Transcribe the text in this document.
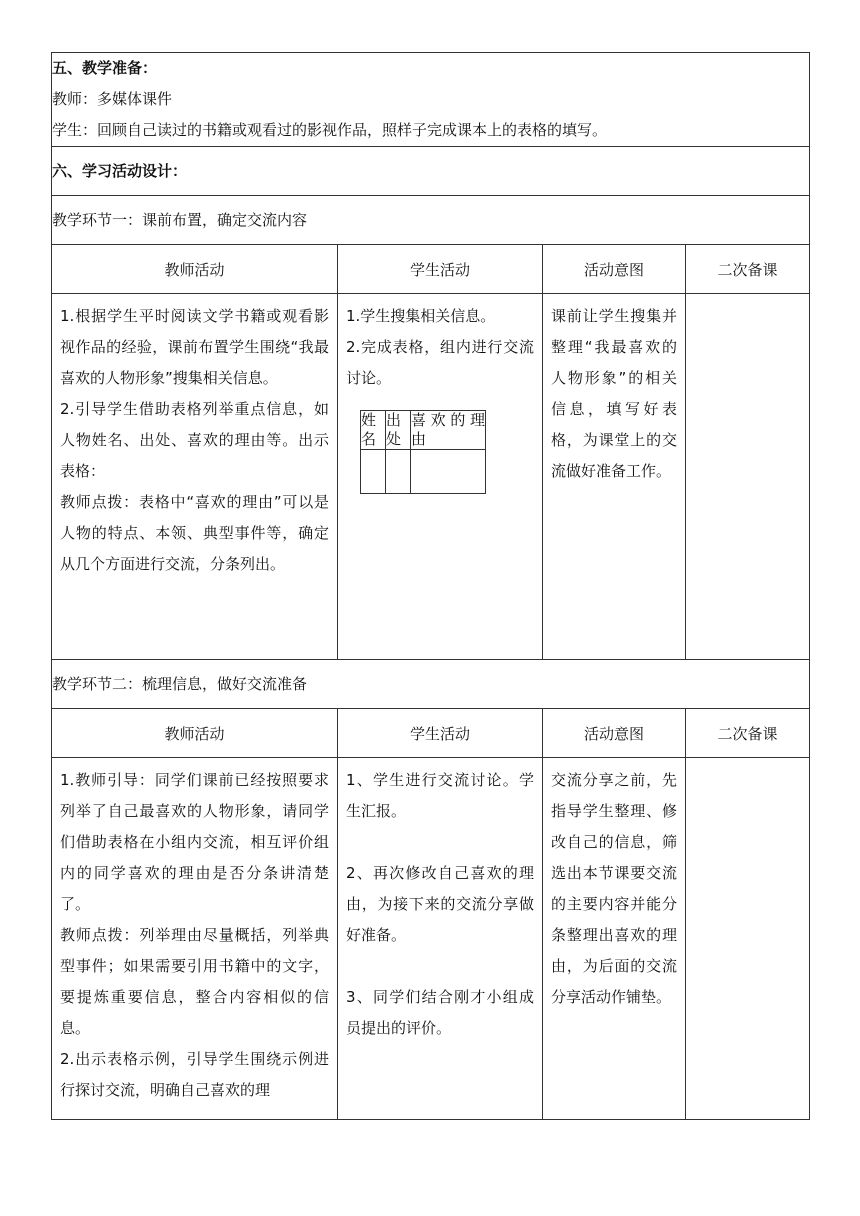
五、教学准备：
教师：多媒体课件
学生：回顾自己读过的书籍或观看过的影视作品，照样子完成课本上的表格的填写。

六、学习活动设计：
教学环节一：课前布置，确定交流内容
教师活动	学生活动	活动意图	二次备课

1.根据学生平时阅读文学书籍或观看影视作品的经验，课前布置学生围绕“我最喜欢的人物形象”搜集相关信息。
2.引导学生借助表格列举重点信息，如人物姓名、出处、喜欢的理由等。出示表格：
教师点拨：表格中“喜欢的理由”可以是人物的特点、本领、典型事件等，确定从几个方面进行交流，分条列出。

1.学生搜集相关信息。
2.完成表格，组内进行交流讨论。
姓名	出处	喜欢的理由

课前让学生搜集并整理“我最喜欢的人物形象”的相关信息，填写好表格，为课堂上的交流做好准备工作。

教学环节二：梳理信息，做好交流准备
教师活动	学生活动	活动意图	二次备课

1.教师引导：同学们课前已经按照要求列举了自己最喜欢的人物形象，请同学们借助表格在小组内交流，相互评价组内的同学喜欢的理由是否分条讲清楚了。
教师点拨：列举理由尽量概括，列举典型事件；如果需要引用书籍中的文字，要提炼重要信息，整合内容相似的信息。
2.出示表格示例，引导学生围绕示例进行探讨交流，明确自己喜欢的理

1、学生进行交流讨论。学生汇报。
2、再次修改自己喜欢的理由，为接下来的交流分享做好准备。
3、同学们结合刚才小组成员提出的评价。

交流分享之前，先指导学生整理、修改自己的信息，筛选出本节课要交流的主要内容并能分条整理出喜欢的理由，为后面的交流分享活动作铺垫。
